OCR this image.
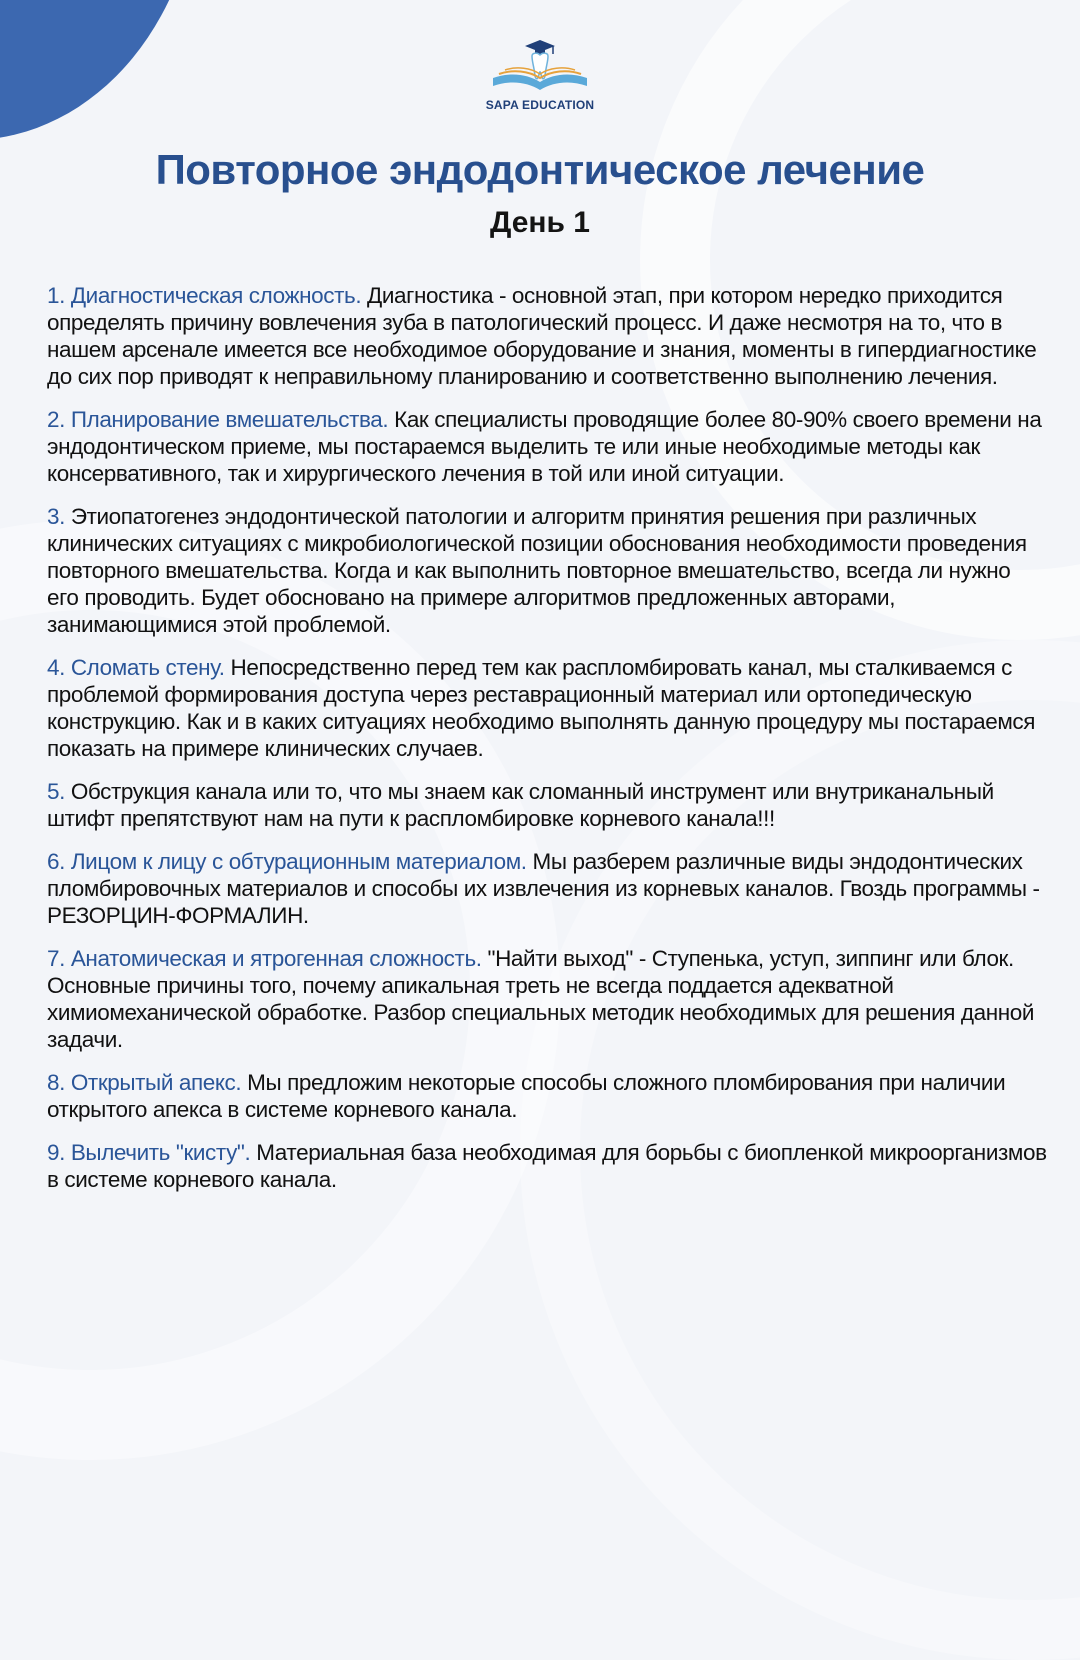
SAPA EDUCATION
Повторное эндодонтическое лечение
День 1

1. Диагностическая сложность. Диагностика - основной этап, при котором нередко приходится определять причину вовлечения зуба в патологический процесс. И даже несмотря на то, что в нашем арсенале имеется все необходимое оборудование и знания, моменты в гипердиагностике до сих пор приводят к неправильному планированию и соответственно выполнению лечения.

2. Планирование вмешательства. Как специалисты проводящие более 80-90% своего времени на эндодонтическом приеме, мы постараемся выделить те или иные необходимые методы как консервативного, так и хирургического лечения в той или иной ситуации.

3. Этиопатогенез эндодонтической патологии и алгоритм принятия решения при различных клинических ситуациях с микробиологической позиции обоснования необходимости проведения повторного вмешательства. Когда и как выполнить повторное вмешательство, всегда ли нужно его проводить. Будет обосновано на примере алгоритмов предложенных авторами, занимающимися этой проблемой.

4. Сломать стену. Непосредственно перед тем как распломбировать канал, мы сталкиваемся с проблемой формирования доступа через реставрационный материал или ортопедическую конструкцию. Как и в каких ситуациях необходимо выполнять данную процедуру мы постараемся показать на примере клинических случаев.

5. Обструкция канала или то, что мы знаем как сломанный инструмент или внутриканальный штифт препятствуют нам на пути к распломбировке корневого канала!!!

6. Лицом к лицу с обтурационным материалом. Мы разберем различные виды эндодонтических пломбировочных материалов и способы их извлечения из корневых каналов. Гвоздь программы - РЕЗОРЦИН-ФОРМАЛИН.

7. Анатомическая и ятрогенная сложность. "Найти выход" - Ступенька, уступ, зиппинг или блок. Основные причины того, почему апикальная треть не всегда поддается адекватной химиомеханической обработке. Разбор специальных методик необходимых для решения данной задачи.

8. Открытый апекс. Мы предложим некоторые способы сложного пломбирования при наличии открытого апекса в системе корневого канала.

9. Вылечить "кисту". Материальная база необходимая для борьбы с биопленкой микроорганизмов в системе корневого канала.
